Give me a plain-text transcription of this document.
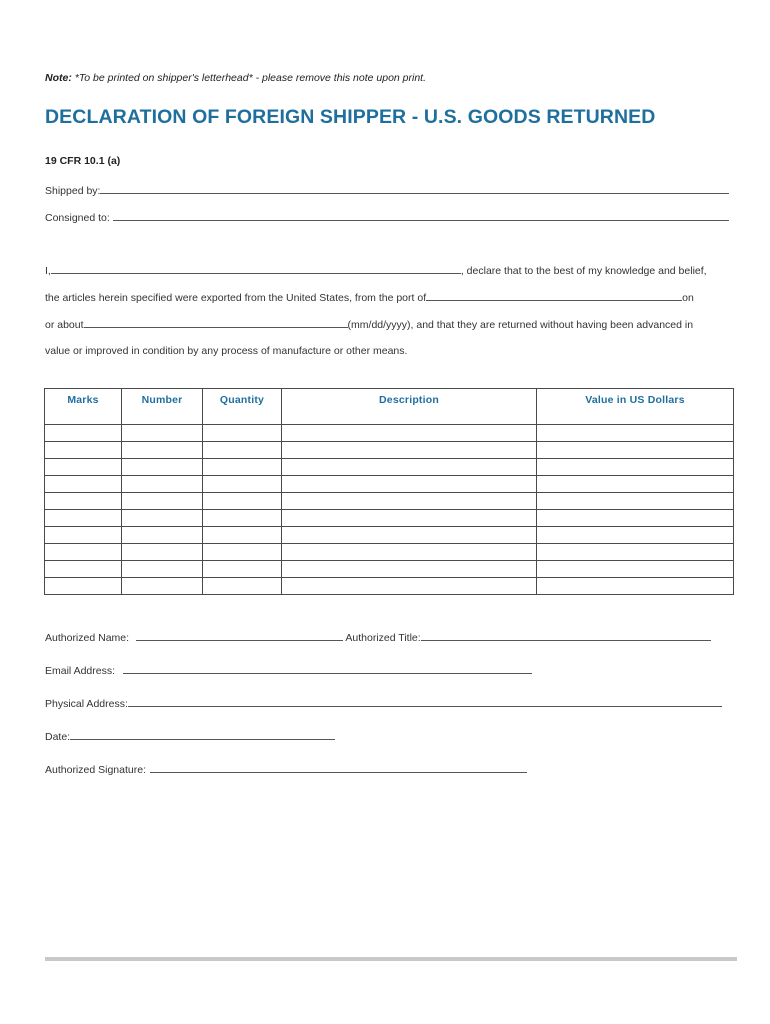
Note: *To be printed on shipper's letterhead* - please remove this note upon print.
DECLARATION OF FOREIGN SHIPPER - U.S. GOODS RETURNED
19 CFR 10.1 (a)
Shipped by:
Consigned to:
I,	, declare that to the best of my knowledge and belief,
the articles herein specified were exported from the United States, from the port of	on
or about	(mm/dd/yyyy), and that they are returned without having been advanced in
value or improved in condition by any process of manufacture or other means.
Marks	Number	Quantity	Description	Value in US Dollars

Authorized Name:	Authorized Title:
Email Address:
Physical Address:
Date:
Authorized Signature:
